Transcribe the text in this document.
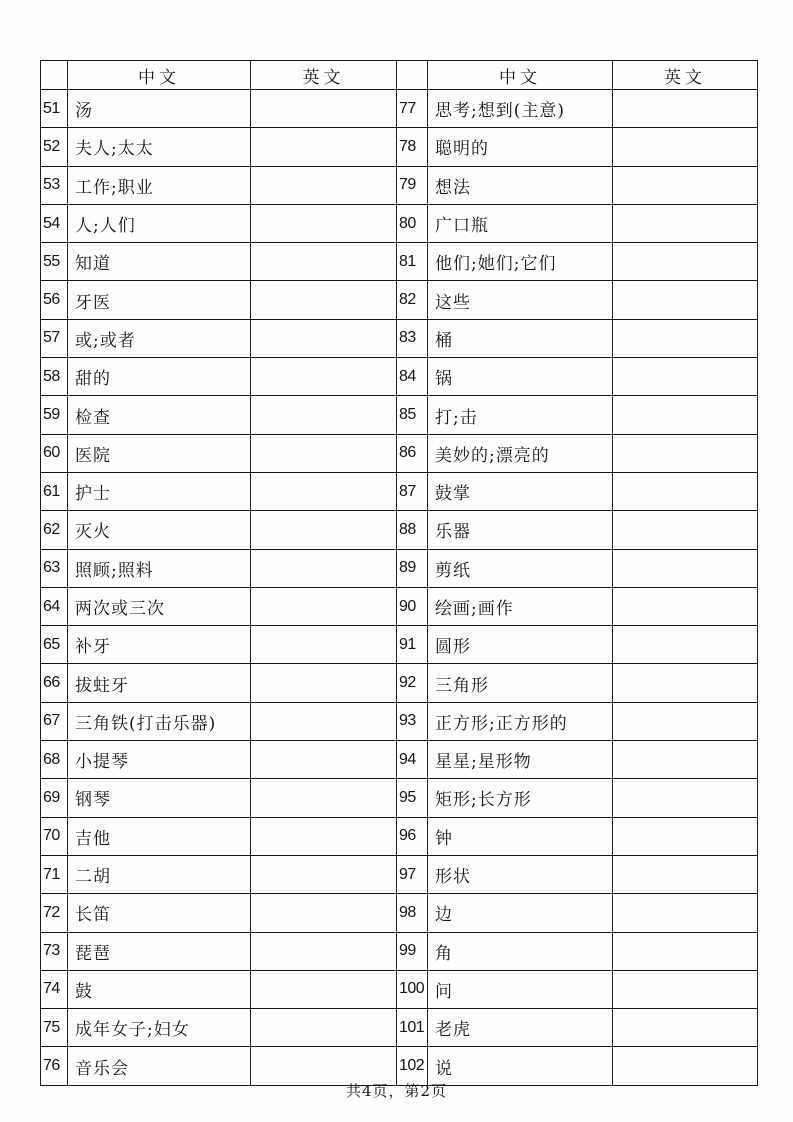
	中文	英文		中文	英文
51	汤		77	思考;想到(主意)	
52	夫人;太太		78	聪明的	
53	工作;职业		79	想法	
54	人;人们		80	广口瓶	
55	知道		81	他们;她们;它们	
56	牙医		82	这些	
57	或;或者		83	桶	
58	甜的		84	锅	
59	检查		85	打;击	
60	医院		86	美妙的;漂亮的	
61	护士		87	鼓掌	
62	灭火		88	乐器	
63	照顾;照料		89	剪纸	
64	两次或三次		90	绘画;画作	
65	补牙		91	圆形	
66	拔蛀牙		92	三角形	
67	三角铁(打击乐器)		93	正方形;正方形的	
68	小提琴		94	星星;星形物	
69	钢琴		95	矩形;长方形	
70	吉他		96	钟	
71	二胡		97	形状	
72	长笛		98	边	
73	琵琶		99	角	
74	鼓		100	问	
75	成年女子;妇女		101	老虎	
76	音乐会		102	说	
共4页，第2页
